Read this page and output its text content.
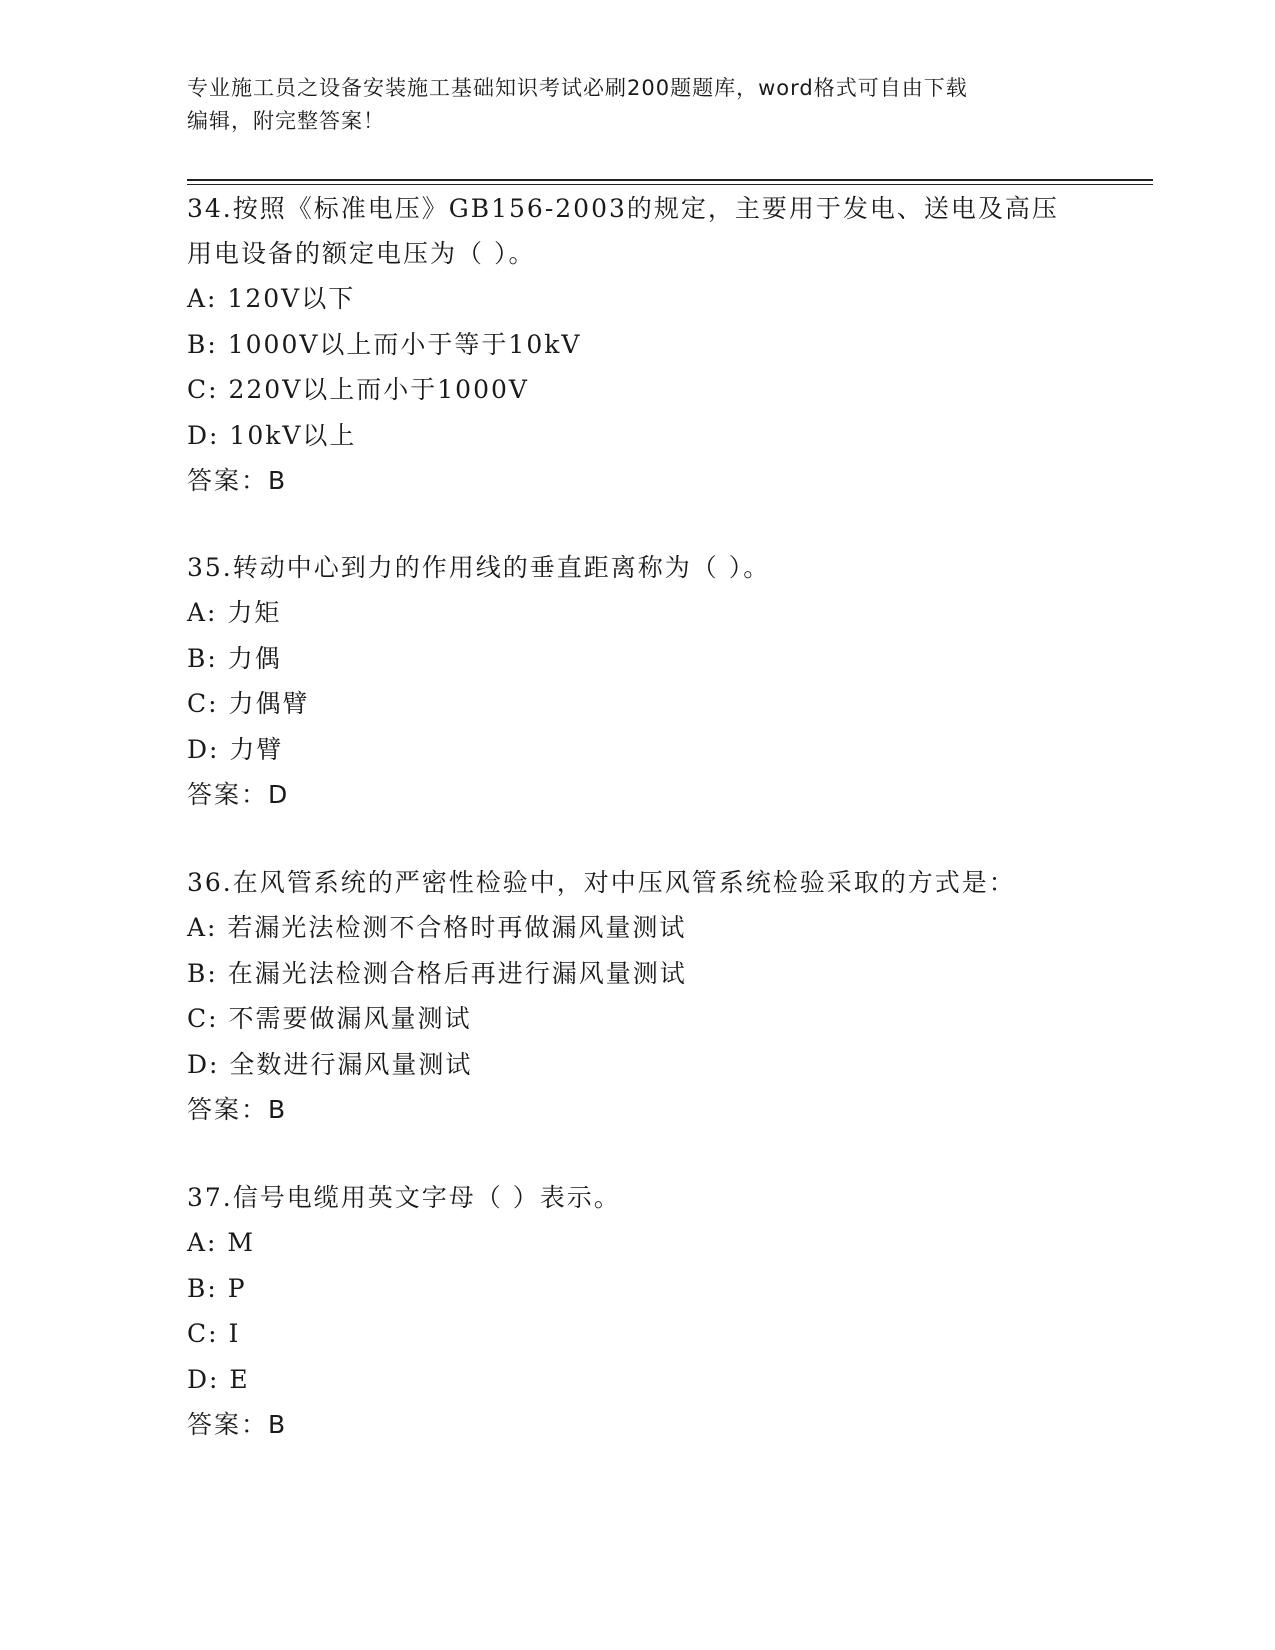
专业施工员之设备安装施工基础知识考试必刷200题题库，word格式可自由下载
编辑，附完整答案！

34.按照《标准电压》GB156-2003的规定，主要用于发电、送电及高压

用电设备的额定电压为（ ）。

A: 120V以下

B: 1000V以上而小于等于10kV

C: 220V以上而小于1000V

D: 10kV以上

答案：B

35.转动中心到力的作用线的垂直距离称为（ ）。

A: 力矩

B: 力偶

C: 力偶臂

D: 力臂

答案：D

36.在风管系统的严密性检验中，对中压风管系统检验采取的方式是：

A: 若漏光法检测不合格时再做漏风量测试

B: 在漏光法检测合格后再进行漏风量测试

C: 不需要做漏风量测试

D: 全数进行漏风量测试

答案：B

37.信号电缆用英文字母（ ）表示。

A: M

B: P

C: I

D: E

答案：B
